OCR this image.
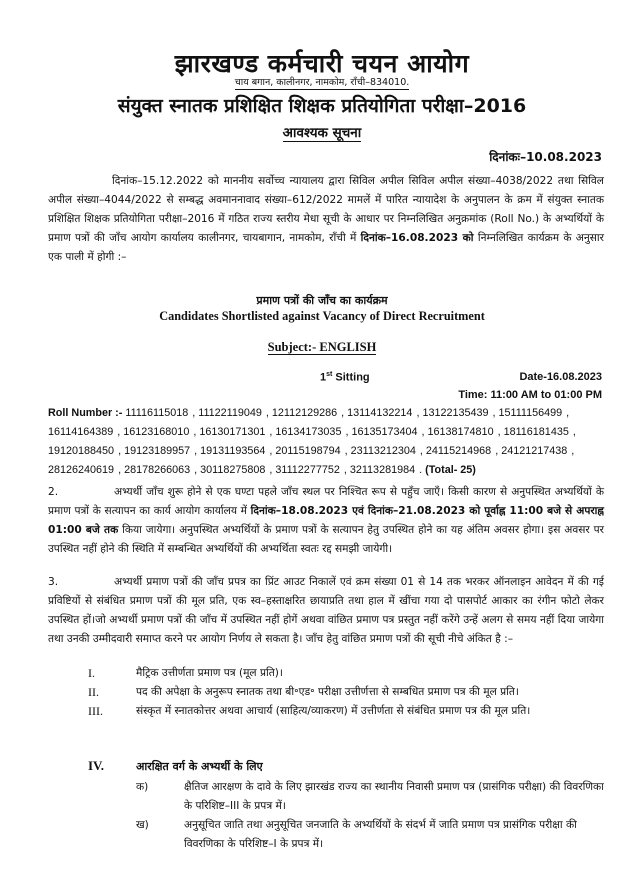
झारखण्ड कर्मचारी चयन आयोग
चाय बगान, कालीनगर, नामकोम, राँची–834010.
संयुक्त स्नातक प्रशिक्षित शिक्षक प्रतियोगिता परीक्षा–2016
आवश्यक सूचना
दिनांकः–10.08.2023
दिनांक–15.12.2022 को माननीय सर्वोच्च न्यायालय द्वारा सिविल अपील सिविल अपील संख्या–4038/2022 तथा सिविल अपील संख्या–4044/2022 से सम्बद्ध अवमाननावाद संख्या–612/2022 मामलें में पारित न्यायादेश के अनुपालन के क्रम में संयुक्त स्नातक प्रशिक्षित शिक्षक प्रतियोगिता परीक्षा–2016 में गठित राज्य स्तरीय मेधा सूची के आधार पर निम्नलिखित अनुक्रमांक (Roll No.) के अभ्यर्थियों के प्रमाण पत्रों की जाँच आयोग कार्यालय कालीनगर, चायबागान, नामकोम, राँची में दिनांक–16.08.2023 को निम्नलिखित कार्यक्रम के अनुसार एक पाली में होगी :–
प्रमाण पत्रों की जाँच का कार्यक्रम
Candidates Shortlisted against Vacancy of Direct Recruitment
Subject:- ENGLISH
1st Sitting	Date-16.08.2023
Time: 11:00 AM to 01:00 PM
Roll Number :- 11116115018 , 11122119049 , 12112129286 , 13114132214 , 13122135439 , 15111156499 , 16114164389 , 16123168010 , 16130171301 , 16134173035 , 16135173404 , 16138174810 , 18116181435 , 19120188450 , 19123189957 , 19131193564 , 20115198794 , 23113212304 , 24115214968 , 24121217438 , 28126240619 , 28178266063 , 30118275808 , 31112277752 , 32113281984 . (Total- 25)
2.	अभ्यर्थी जाँच शुरू होने से एक घण्टा पहले जाँच स्थल पर निश्चित रूप से पहुँच जाएँ। किसी कारण से अनुपस्थित अभ्यर्थियों के प्रमाण पत्रों के सत्यापन का कार्य आयोग कार्यालय में दिनांक–18.08.2023 एवं दिनांक–21.08.2023 को पूर्वाह्न 11:00 बजे से अपराह्न 01:00 बजे तक किया जायेगा। अनुपस्थित अभ्यर्थियों के प्रमाण पत्रों के सत्यापन हेतु उपस्थित होने का यह अंतिम अवसर होगा। इस अवसर पर उपस्थित नहीं होने की स्थिति में सम्बन्धित अभ्यर्थियों की अभ्यर्थिता स्वतः रद्द समझी जायेगी।
3.	अभ्यर्थी प्रमाण पत्रों की जाँच प्रपत्र का प्रिंट आउट निकालें एवं क्रम संख्या 01 से 14 तक भरकर ऑनलाइन आवेदन में की गई प्रविष्टियों से संबंधित प्रमाण पत्रों की मूल प्रति, एक स्व–हस्ताक्षरित छायाप्रति तथा हाल में खींचा गया दो पासपोर्ट आकार का रंगीन फोटो लेकर उपस्थित हों।जो अभ्यर्थी प्रमाण पत्रों की जाँच में उपस्थित नहीं होगें अथवा वांछित प्रमाण पत्र प्रस्तुत नहीं करेंगे उन्हें अलग से समय नहीं दिया जायेगा तथा उनकी उम्मीदवारी समाप्त करने पर आयोग निर्णय ले सकता है। जाँच हेतु वांछित प्रमाण पत्रों की सूची नीचे अंकित है :–
I.	मैट्रिक उत्तीर्णता प्रमाण पत्र (मूल प्रति)।
II.	पद की अपेक्षा के अनुरूप स्नातक तथा बी॰एड॰ परीक्षा उत्तीर्णत्ता से सम्बधित प्रमाण पत्र की मूल प्रति।
III.	संस्कृत में स्नातकोत्तर अथवा आचार्य (साहित्य/व्याकरण) में उत्तीर्णता से संबंधित प्रमाण पत्र की मूल प्रति।
IV.	आरक्षित वर्ग के अभ्यर्थी के लिए
क)	क्षैतिज आरक्षण के दावे के लिए झारखंड राज्य का स्थानीय निवासी प्रमाण पत्र (प्रासंगिक परीक्षा) की विवरणिका के परिशिष्ट–III के प्रपत्र में।
ख)	अनुसूचित जाति तथा अनुसूचित जनजाति के अभ्यर्थियों के संदर्भ में जाति प्रमाण पत्र प्रासंगिक परीक्षा की विवरणिका के परिशिष्ट–I के प्रपत्र में।
